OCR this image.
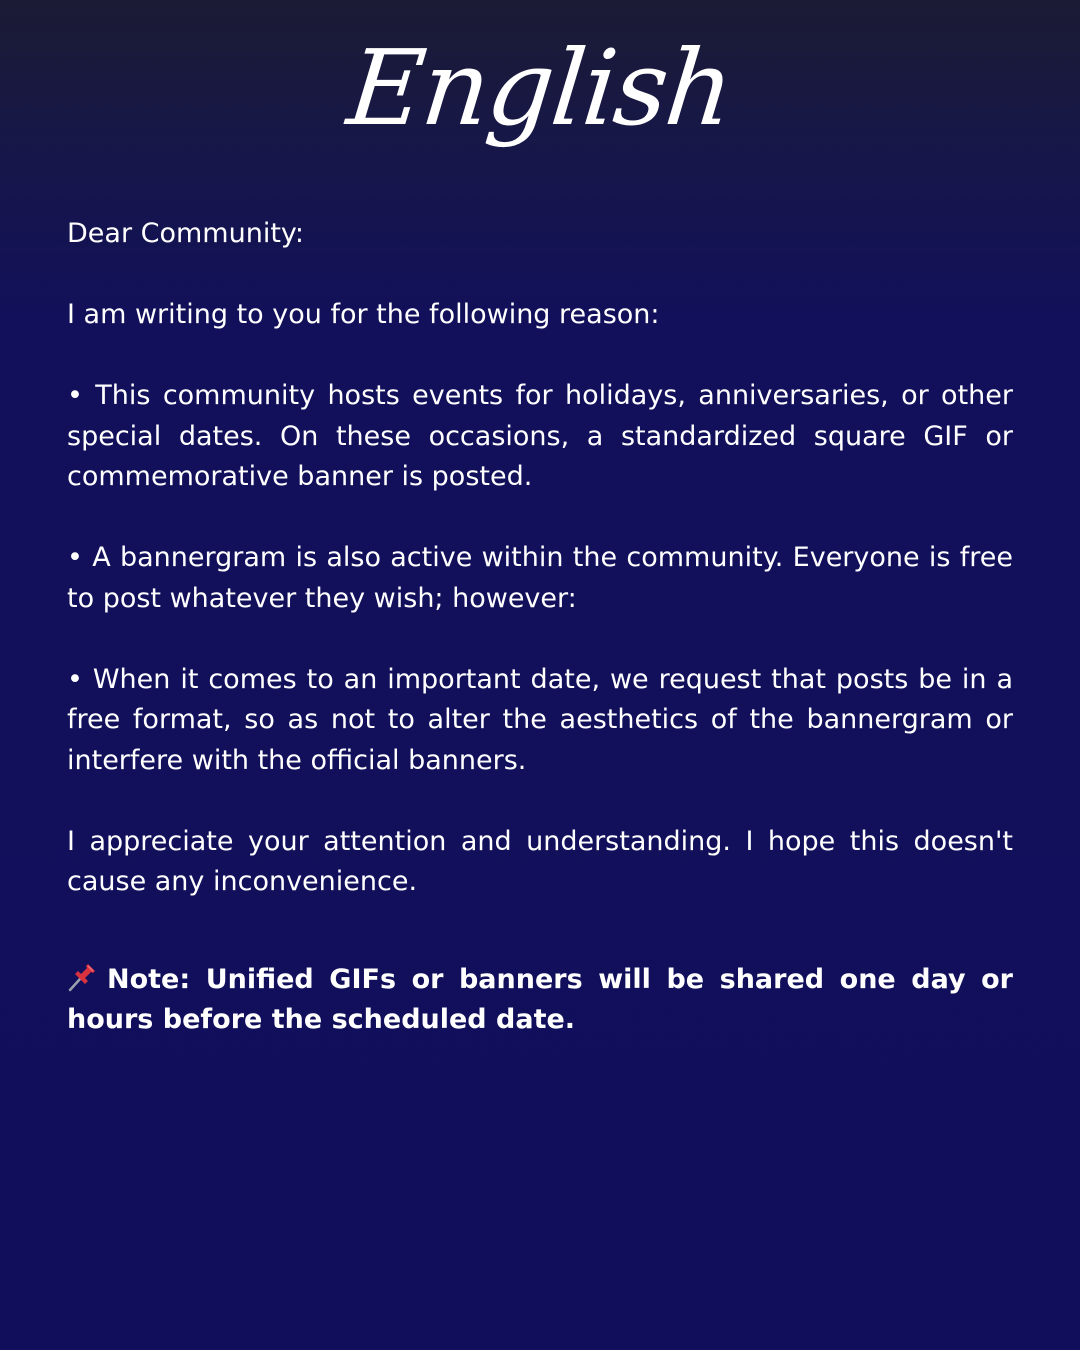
English

Dear Community:

I am writing to you for the following reason:

• This community hosts events for holidays, anniversaries, or other special dates. On these occasions, a standardized square GIF or commemorative banner is posted.

• A bannergram is also active within the community. Everyone is free to post whatever they wish; however:

• When it comes to an important date, we request that posts be in a free format, so as not to alter the aesthetics of the bannergram or interfere with the official banners.

I appreciate your attention and understanding. I hope this doesn't cause any inconvenience.

Note: Unified GIFs or banners will be shared one day or hours before the scheduled date.
